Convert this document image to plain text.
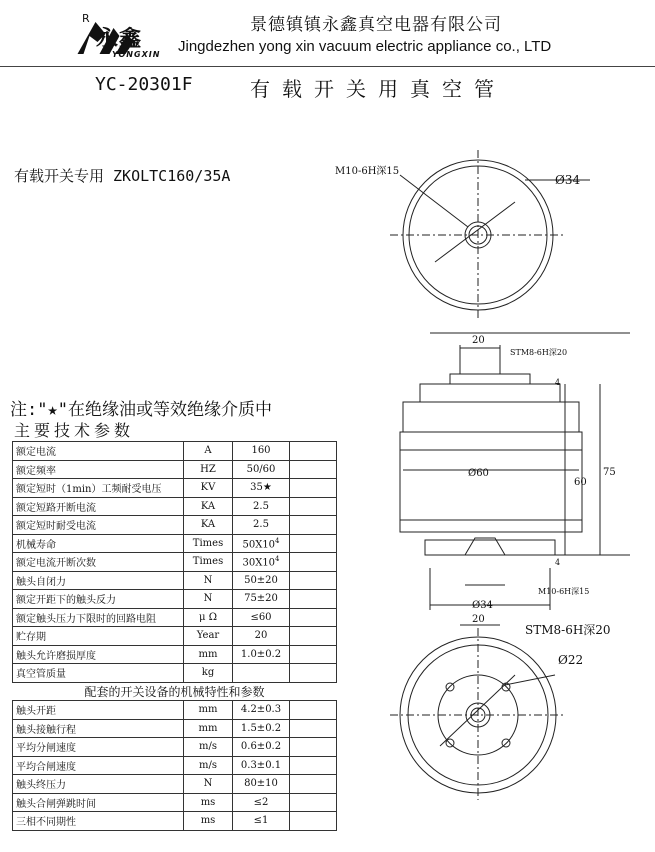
R
永鑫
YONGXIN
景德镇镇永鑫真空电器有限公司
Jingdezhen yong xin vacuum electric appliance co., LTD
YC-20301F	有载开关用真空管
有载开关专用 ZKOLTC160/35A
注:"★"在绝缘油或等效绝缘介质中
主要技术参数
额定电流	A	160	
额定频率	HZ	50/60	
额定短时（1min）工频耐受电压	KV	35★	
额定短路开断电流	KA	2.5	
额定短时耐受电流	KA	2.5	
机械寿命	Times	$50X10^4$	
额定电流开断次数	Times	$30X10^4$	
触头自闭力	N	50±20	
额定开距下的触头反力	N	75±20	
额定触头压力下限时的回路电阻	μ Ω	≤60	
贮存期	Year	20	
触头允许磨损厚度	mm	1.0±0.2	
真空管质量	kg		
配套的开关设备的机械特性和参数			
触头开距	mm	4.2±0.3	
触头接触行程	mm	1.5±0.2	
平均分闸速度	m/s	0.6±0.2	
平均合闸速度	m/s	0.3±0.1	
触头终压力	N	80±10	
触头合闸弹跳时间	ms	≤2	
三相不同期性	ms	≤1	
M10-6H深15
Ø34
20
STM8-6H深20
4
Ø60
60
75
4
M10-6H深15
Ø34
20
STM8-6H深20
Ø22
